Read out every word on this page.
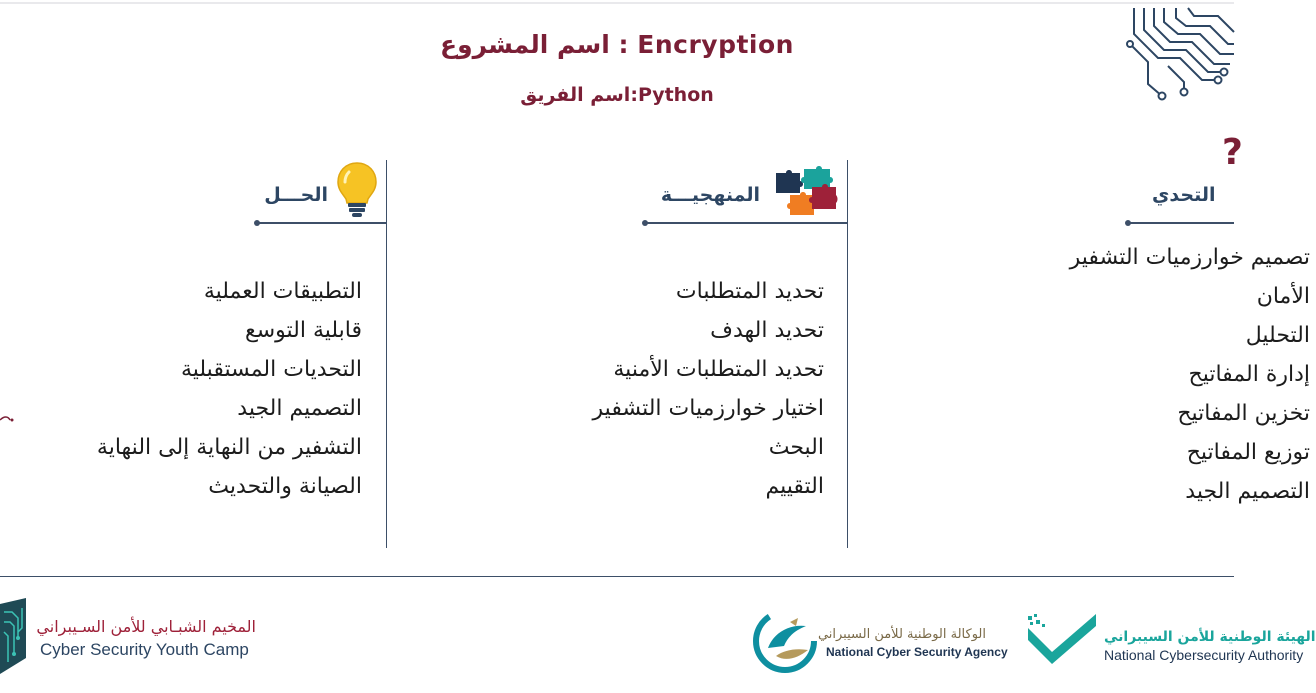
اسم المشروع : Encryption
اسم الفريق:Python
?
الحـــل
التطبيقات العملية
قابلية التوسع
التحديات المستقبلية
التصميم الجيد
التشفير من النهاية إلى النهاية
الصيانة والتحديث
المنهجيـــة
تحديد المتطلبات
تحديد الهدف
تحديد المتطلبات الأمنية
اختيار خوارزميات التشفير
البحث
التقييم
التحدي
تصميم خوارزميات التشفير
الأمان
التحليل
إدارة المفاتيح
تخزين المفاتيح
توزيع المفاتيح
التصميم الجيد
المخيم الشبـابي للأمن السـيبراني
Cyber Security Youth Camp
الوكالة الوطنية للأمن السيبراني
National Cyber Security Agency
الهيئة الوطنية للأمن السيبراني
National Cybersecurity Authority
